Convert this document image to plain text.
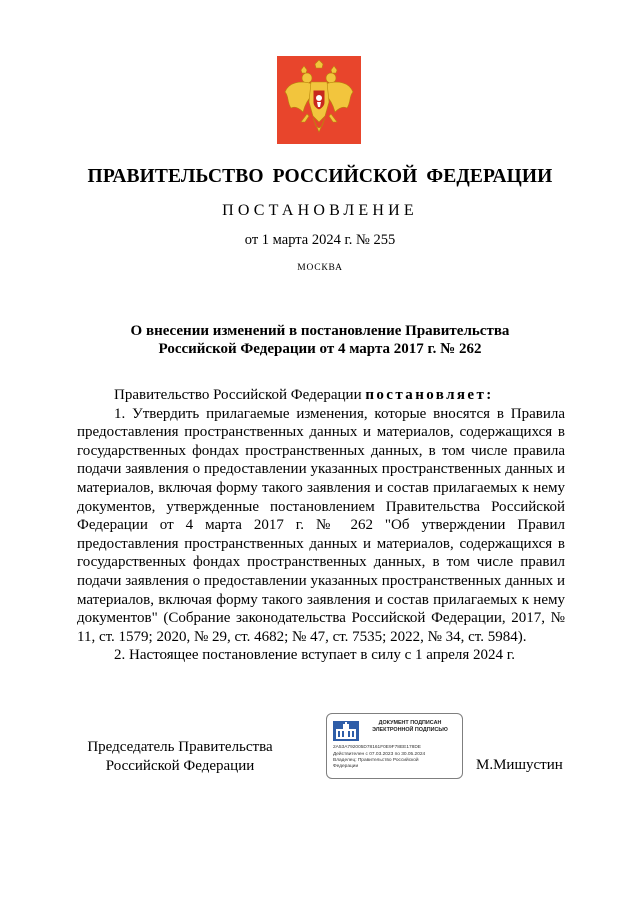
ПРАВИТЕЛЬСТВО РОССИЙСКОЙ ФЕДЕРАЦИИ
ПОСТАНОВЛЕНИЕ
от 1 марта 2024 г. № 255
МОСКВА
О внесении изменений в постановление Правительства
Российской Федерации от 4 марта 2017 г. № 262

Правительство Российской Федерации постановляет:

1. Утвердить прилагаемые изменения, которые вносятся в Правила предоставления пространственных данных и материалов, содержащихся в государственных фондах пространственных данных, в том числе правила подачи заявления о предоставлении указанных пространственных данных и материалов, включая форму такого заявления и состав прилагаемых к нему документов, утвержденные постановлением Правительства Российской Федерации от 4 марта 2017 г. № 262 "Об утверждении Правил предоставления пространственных данных и материалов, содержащихся в государственных фондах пространственных данных, в том числе правил подачи заявления о предоставлении указанных пространственных данных и материалов, включая форму такого заявления и состав прилагаемых к нему документов" (Собрание законодательства Российской Федерации, 2017, № 11, ст. 1579; 2020, № 29, ст. 4682; № 47, ст. 7535; 2022, № 34, ст. 5984).

2. Настоящее постановление вступает в силу с 1 апреля 2024 г.

Председатель Правительства
Российской Федерации
ДОКУМЕНТ ПОДПИСАН
ЭЛЕКТРОННОЙ ПОДПИСЬЮ
2A53A792005D78161F0E9F78EE178DE
Действителен с 07.03.2023 по 30.05.2024
Владелец: Правительство Российской
Федерации	М.Мишустин
